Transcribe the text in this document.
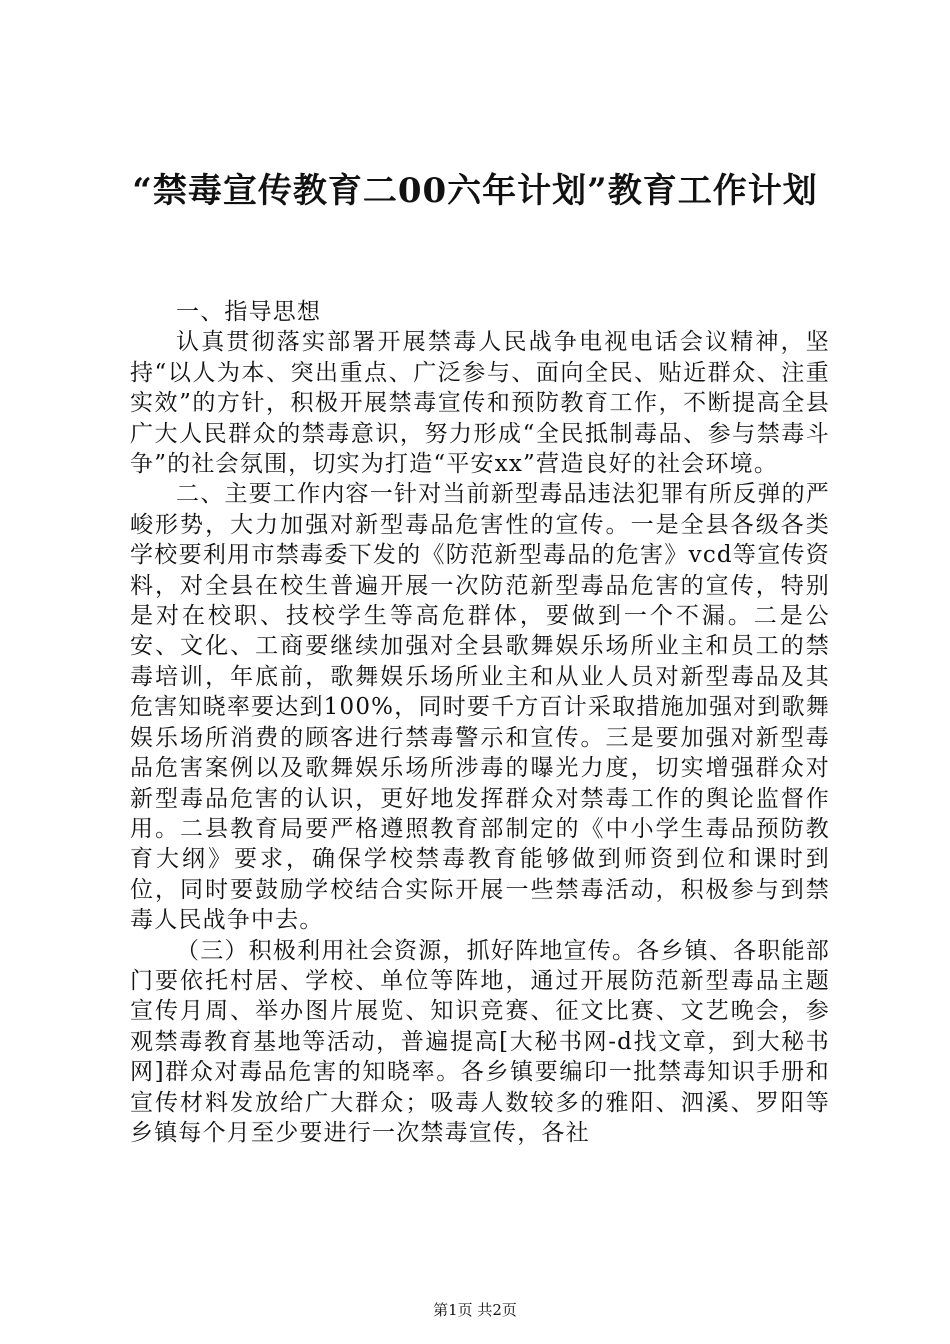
“禁毒宣传教育二00六年计划”教育工作计划

一、指导思想

认真贯彻落实部署开展禁毒人民战争电视电话会议精神，坚持“以人为本、突出重点、广泛参与、面向全民、贴近群众、注重实效”的方针，积极开展禁毒宣传和预防教育工作，不断提高全县广大人民群众的禁毒意识，努力形成“全民抵制毒品、参与禁毒斗争”的社会氛围，切实为打造“平安xx”营造良好的社会环境。

二、主要工作内容一针对当前新型毒品违法犯罪有所反弹的严峻形势，大力加强对新型毒品危害性的宣传。一是全县各级各类学校要利用市禁毒委下发的《防范新型毒品的危害》vcd等宣传资料，对全县在校生普遍开展一次防范新型毒品危害的宣传，特别是对在校职、技校学生等高危群体，要做到一个不漏。二是公安、文化、工商要继续加强对全县歌舞娱乐场所业主和员工的禁毒培训，年底前，歌舞娱乐场所业主和从业人员对新型毒品及其危害知晓率要达到100%，同时要千方百计采取措施加强对到歌舞娱乐场所消费的顾客进行禁毒警示和宣传。三是要加强对新型毒品危害案例以及歌舞娱乐场所涉毒的曝光力度，切实增强群众对新型毒品危害的认识，更好地发挥群众对禁毒工作的舆论监督作用。二县教育局要严格遵照教育部制定的《中小学生毒品预防教育大纲》要求，确保学校禁毒教育能够做到师资到位和课时到位，同时要鼓励学校结合实际开展一些禁毒活动，积极参与到禁毒人民战争中去。

（三）积极利用社会资源，抓好阵地宣传。各乡镇、各职能部门要依托村居、学校、单位等阵地，通过开展防范新型毒品主题宣传月周、举办图片展览、知识竞赛、征文比赛、文艺晚会，参观禁毒教育基地等活动，普遍提高[大秘书网-d找文章，到大秘书网]群众对毒品危害的知晓率。各乡镇要编印一批禁毒知识手册和宣传材料发放给广大群众；吸毒人数较多的雅阳、泗溪、罗阳等乡镇每个月至少要进行一次禁毒宣传，各社

第1页 共2页
